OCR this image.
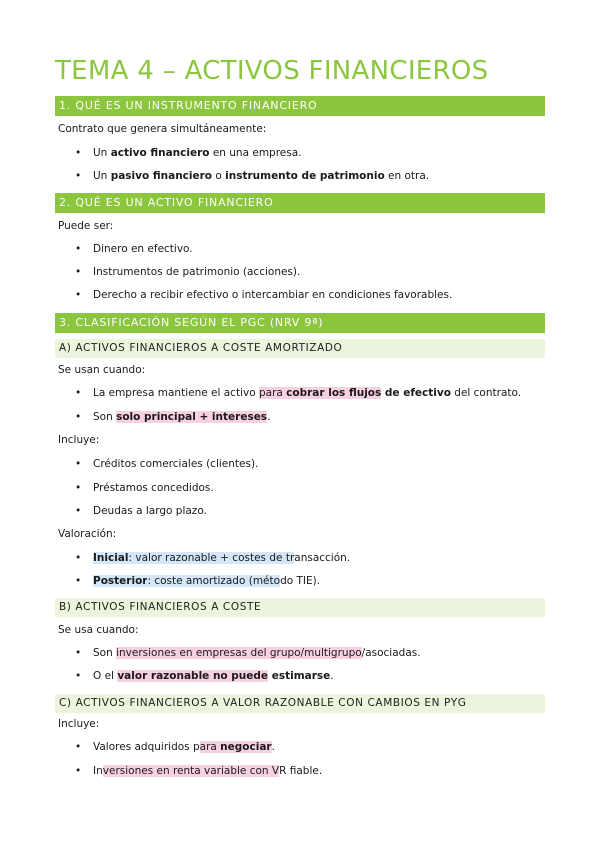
TEMA 4 – ACTIVOS FINANCIEROS
1. QUÉ ES UN INSTRUMENTO FINANCIERO
Contrato que genera simultáneamente:
• Un activo financiero en una empresa.
• Un pasivo financiero o instrumento de patrimonio en otra.
2. QUÉ ES UN ACTIVO FINANCIERO
Puede ser:
• Dinero en efectivo.
• Instrumentos de patrimonio (acciones).
• Derecho a recibir efectivo o intercambiar en condiciones favorables.
3. CLASIFICACIÓN SEGÚN EL PGC (NRV 9ª)
A) ACTIVOS FINANCIEROS A COSTE AMORTIZADO
Se usan cuando:
• La empresa mantiene el activo para cobrar los flujos de efectivo del contrato.
• Son solo principal + intereses.
Incluye:
• Créditos comerciales (clientes).
• Préstamos concedidos.
• Deudas a largo plazo.
Valoración:
• Inicial: valor razonable + costes de transacción.
• Posterior: coste amortizado (método TIE).
B) ACTIVOS FINANCIEROS A COSTE
Se usa cuando:
• Son inversiones en empresas del grupo/multigrupo/asociadas.
• O el valor razonable no puede estimarse.
C) ACTIVOS FINANCIEROS A VALOR RAZONABLE CON CAMBIOS EN PYG
Incluye:
• Valores adquiridos para negociar.
• Inversiones en renta variable con VR fiable.
